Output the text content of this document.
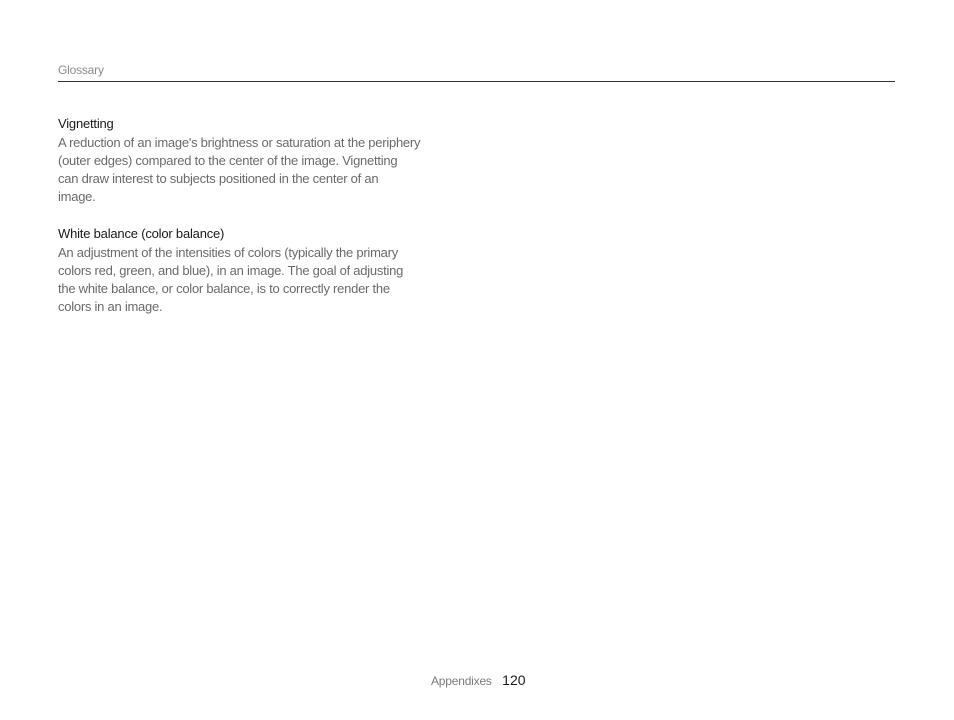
Glossary
Vignetting

A reduction of an image's brightness or saturation at the periphery
(outer edges) compared to the center of the image. Vignetting
can draw interest to subjects positioned in the center of an
image.

White balance (color balance)

An adjustment of the intensities of colors (typically the primary
colors red, green, and blue), in an image. The goal of adjusting
the white balance, or color balance, is to correctly render the
colors in an image.

Appendixes 120
